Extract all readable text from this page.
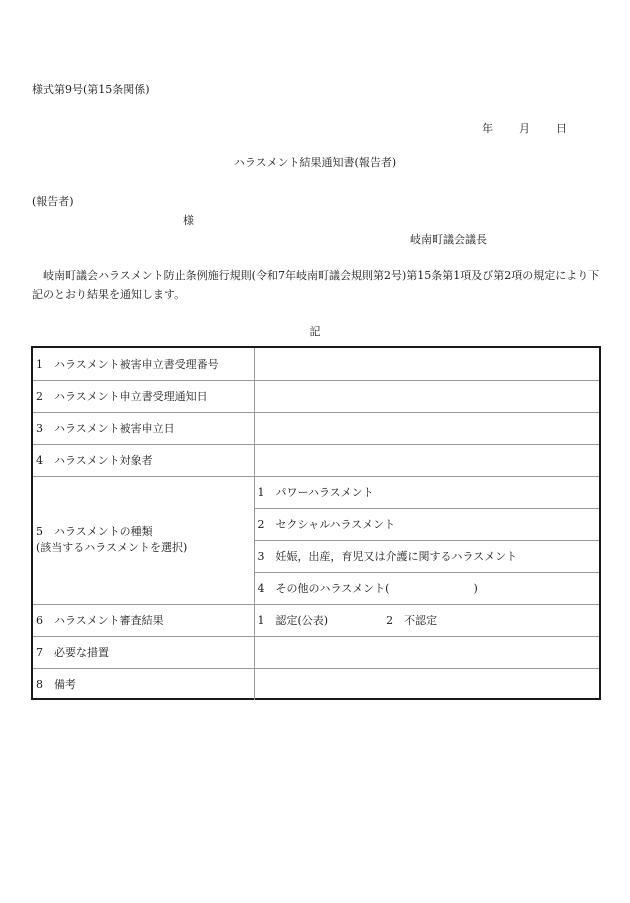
様式第9号(第15条関係)
年 月 日
ハラスメント結果通知書(報告者)
(報告者)
様
岐南町議会議長
岐南町議会ハラスメント防止条例施行規則(令和7年岐南町議会規則第2号)第15条第1項及び第2項の規定により下記のとおり結果を通知します。
記
1 ハラスメント被害申立書受理番号	
2 ハラスメント申立書受理通知日	
3 ハラスメント被害申立日	
4 ハラスメント対象者	

5 ハラスメントの種類
(該当するハラスメントを選択)	1 パワーハラスメント
	2 セクシャルハラスメント
	3 妊娠，出産，育児又は介護に関するハラスメント
	4 その他のハラスメント( )
6 ハラスメント審査結果	1 認定(公表) 2 不認定
7 必要な措置	
8 備考	
